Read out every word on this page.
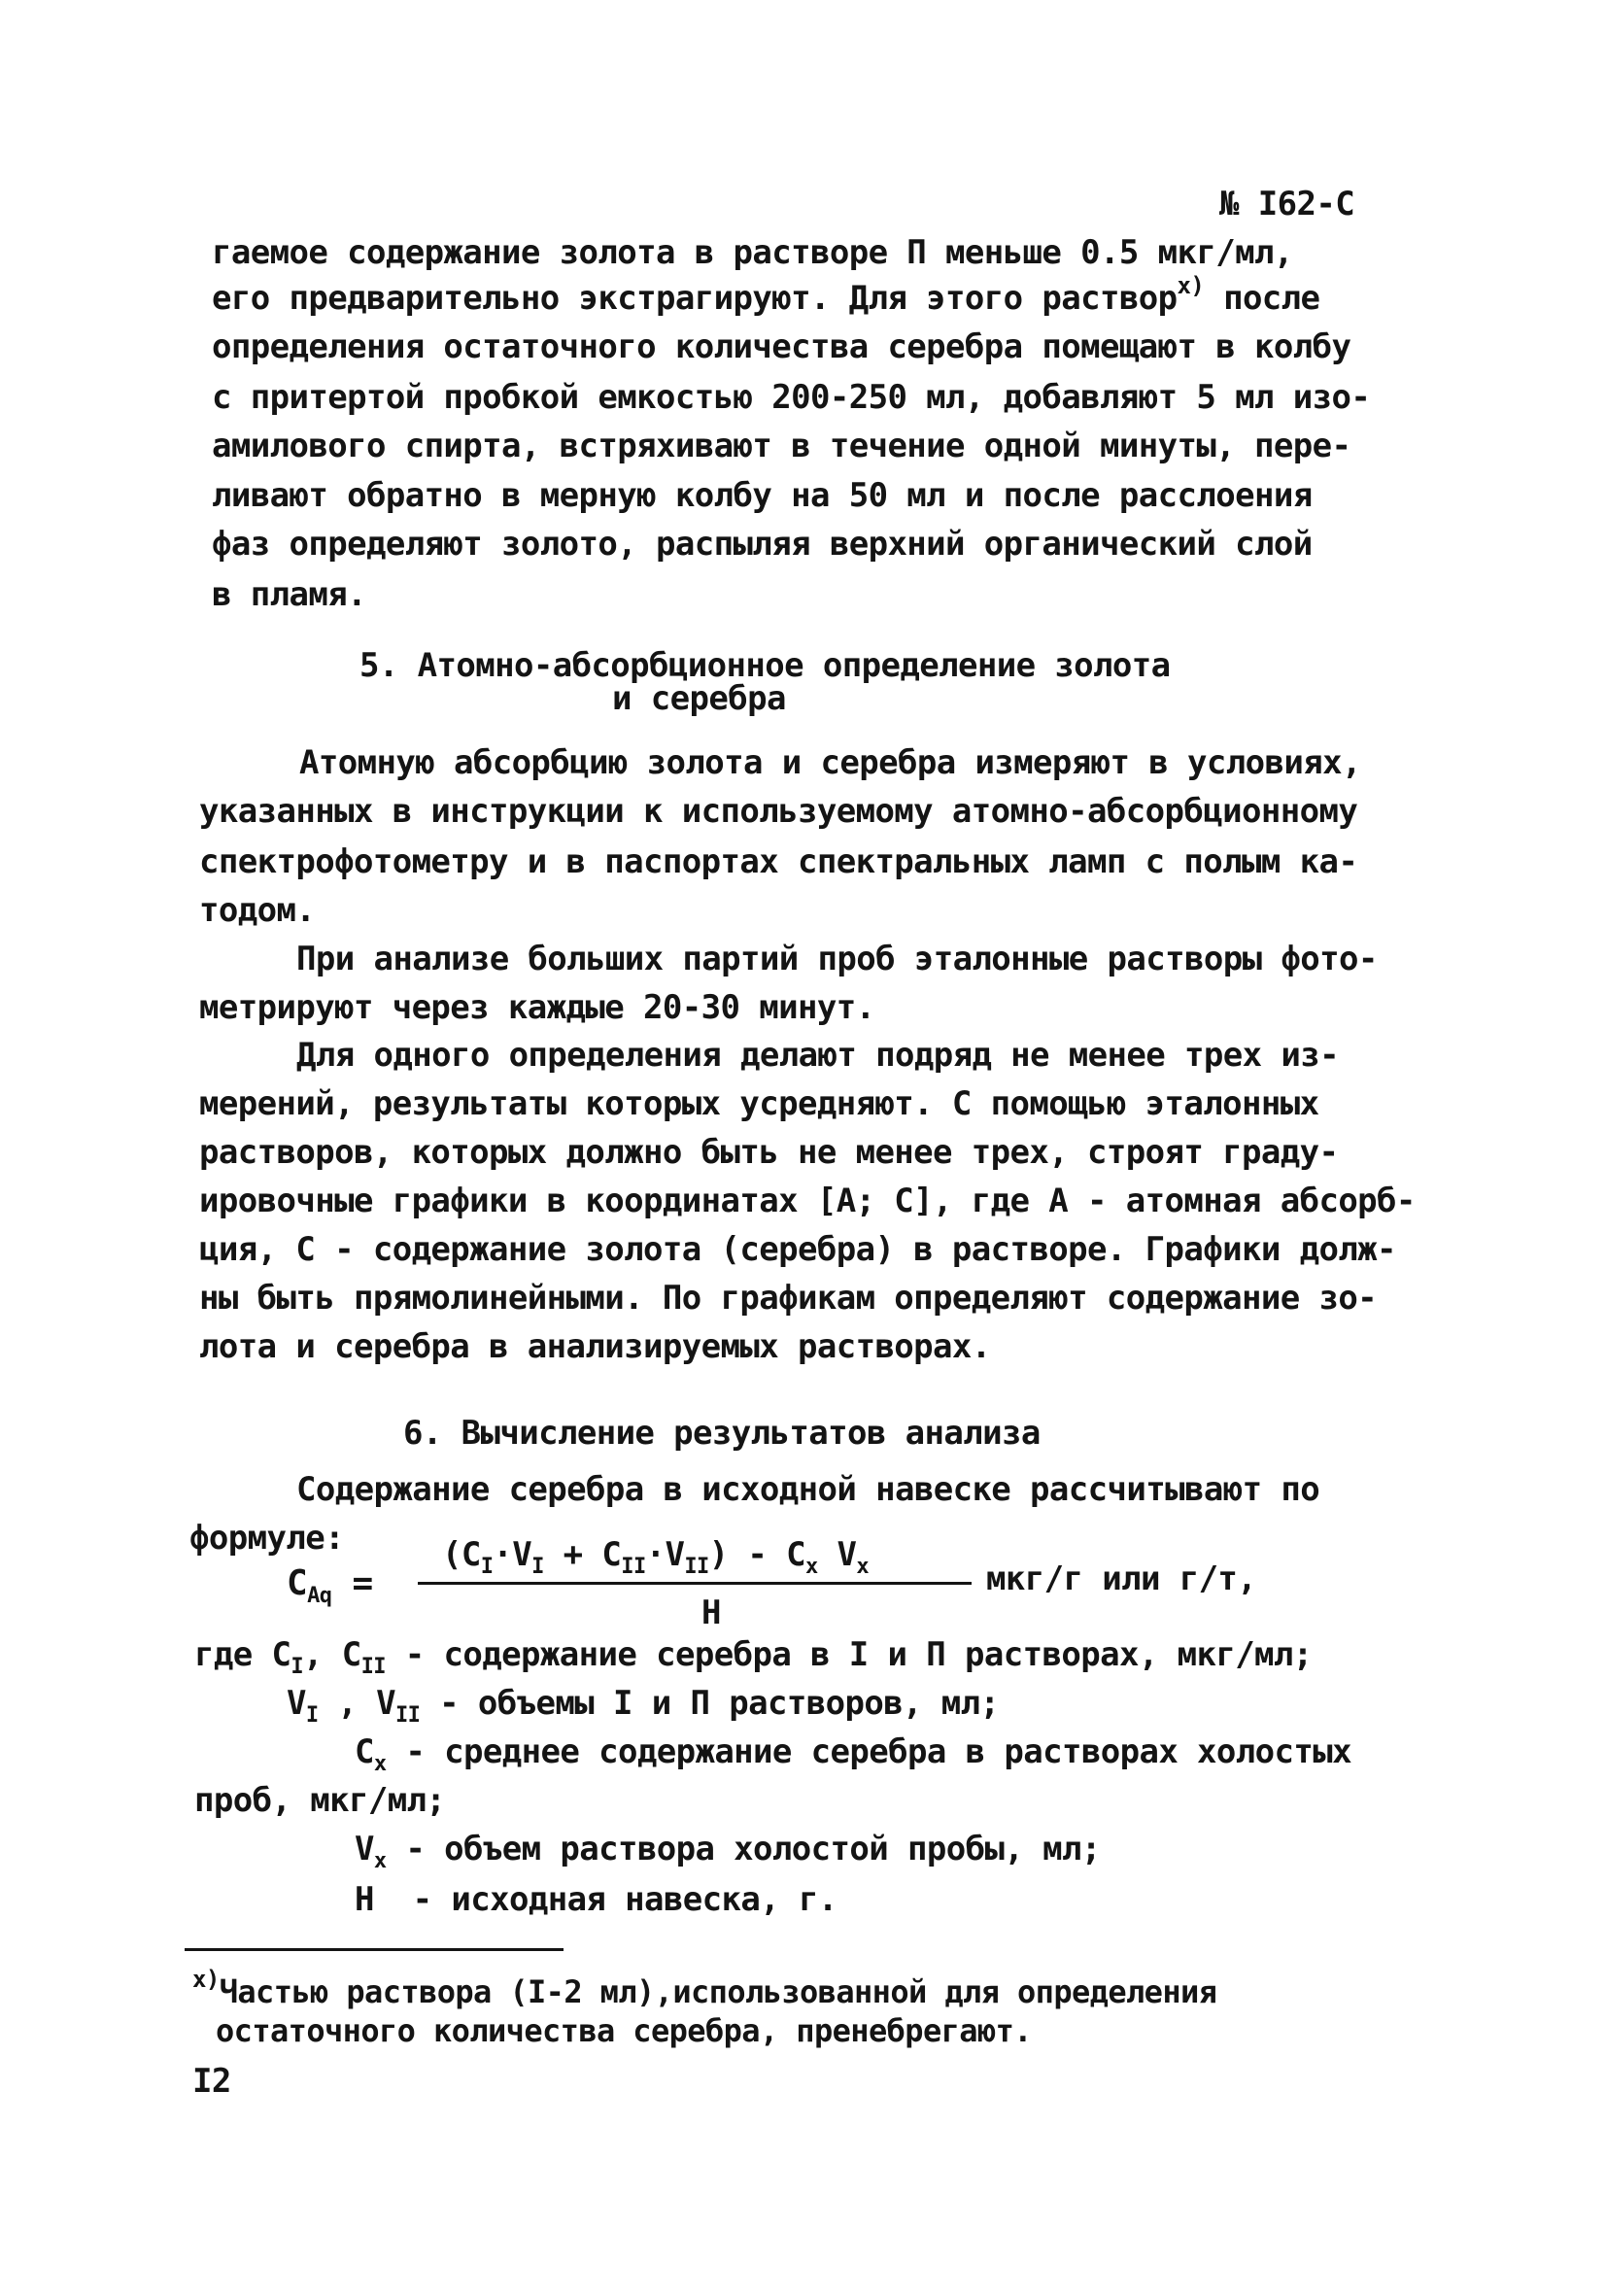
№ I62-C
гаемое содержание золота в растворе П меньше 0.5 мкг/мл,
его предварительно экстрагируют. Для этого раствор$^{x)}$ после
определения остаточного количества серебра помещают в колбу
с притертой пробкой емкостью 200-250 мл, добавляют 5 мл изо-
амилового спирта, встряхивают в течение одной минуты, пере-
ливают обратно в мерную колбу на 50 мл и после расслоения
фаз определяют золото, распыляя верхний органический слой
в пламя.
5. Атомно-абсорбционное определение золота
и серебра
Атомную абсорбцию золота и серебра измеряют в условиях,
указанных в инструкции к используемому атомно-абсорбционному
спектрофотометру и в паспортах спектральных ламп с полым ка-
тодом.
При анализе больших партий проб эталонные растворы фото-
метрируют через каждые 20-30 минут.
Для одного определения делают подряд не менее трех из-
мерений, результаты которых усредняют. С помощью эталонных
растворов, которых должно быть не менее трех, строят граду-
ировочные графики в координатах [A; C], где А - атомная абсорб-
ция, С - содержание золота (серебра) в растворе. Графики долж-
ны быть прямолинейными. По графикам определяют содержание зо-
лота и серебра в анализируемых растворах.
6. Вычисление результатов анализа
Содержание серебра в исходной навеске рассчитывают по
формуле:
$C_{Aq}$ =
$(C_I\cdot V_I + C_{II}\cdot V_{II}) - C_x$ $V_x$
H
мкг/г или г/т,
где $C_I$, $C_{II}$ - содержание серебра в I и П растворах, мкг/мл;
$V_I$ , $V_{II}$ - объемы I и П растворов, мл;
$C_x$ - среднее содержание серебра в растворах холостых
проб, мкг/мл;
$V_x$ - объем раствора холостой пробы, мл;
H  - исходная навеска, г.
$^{x)}$Частью раствора (I-2 мл),использованной для определения
остаточного количества серебра, пренебрегают.
I2
